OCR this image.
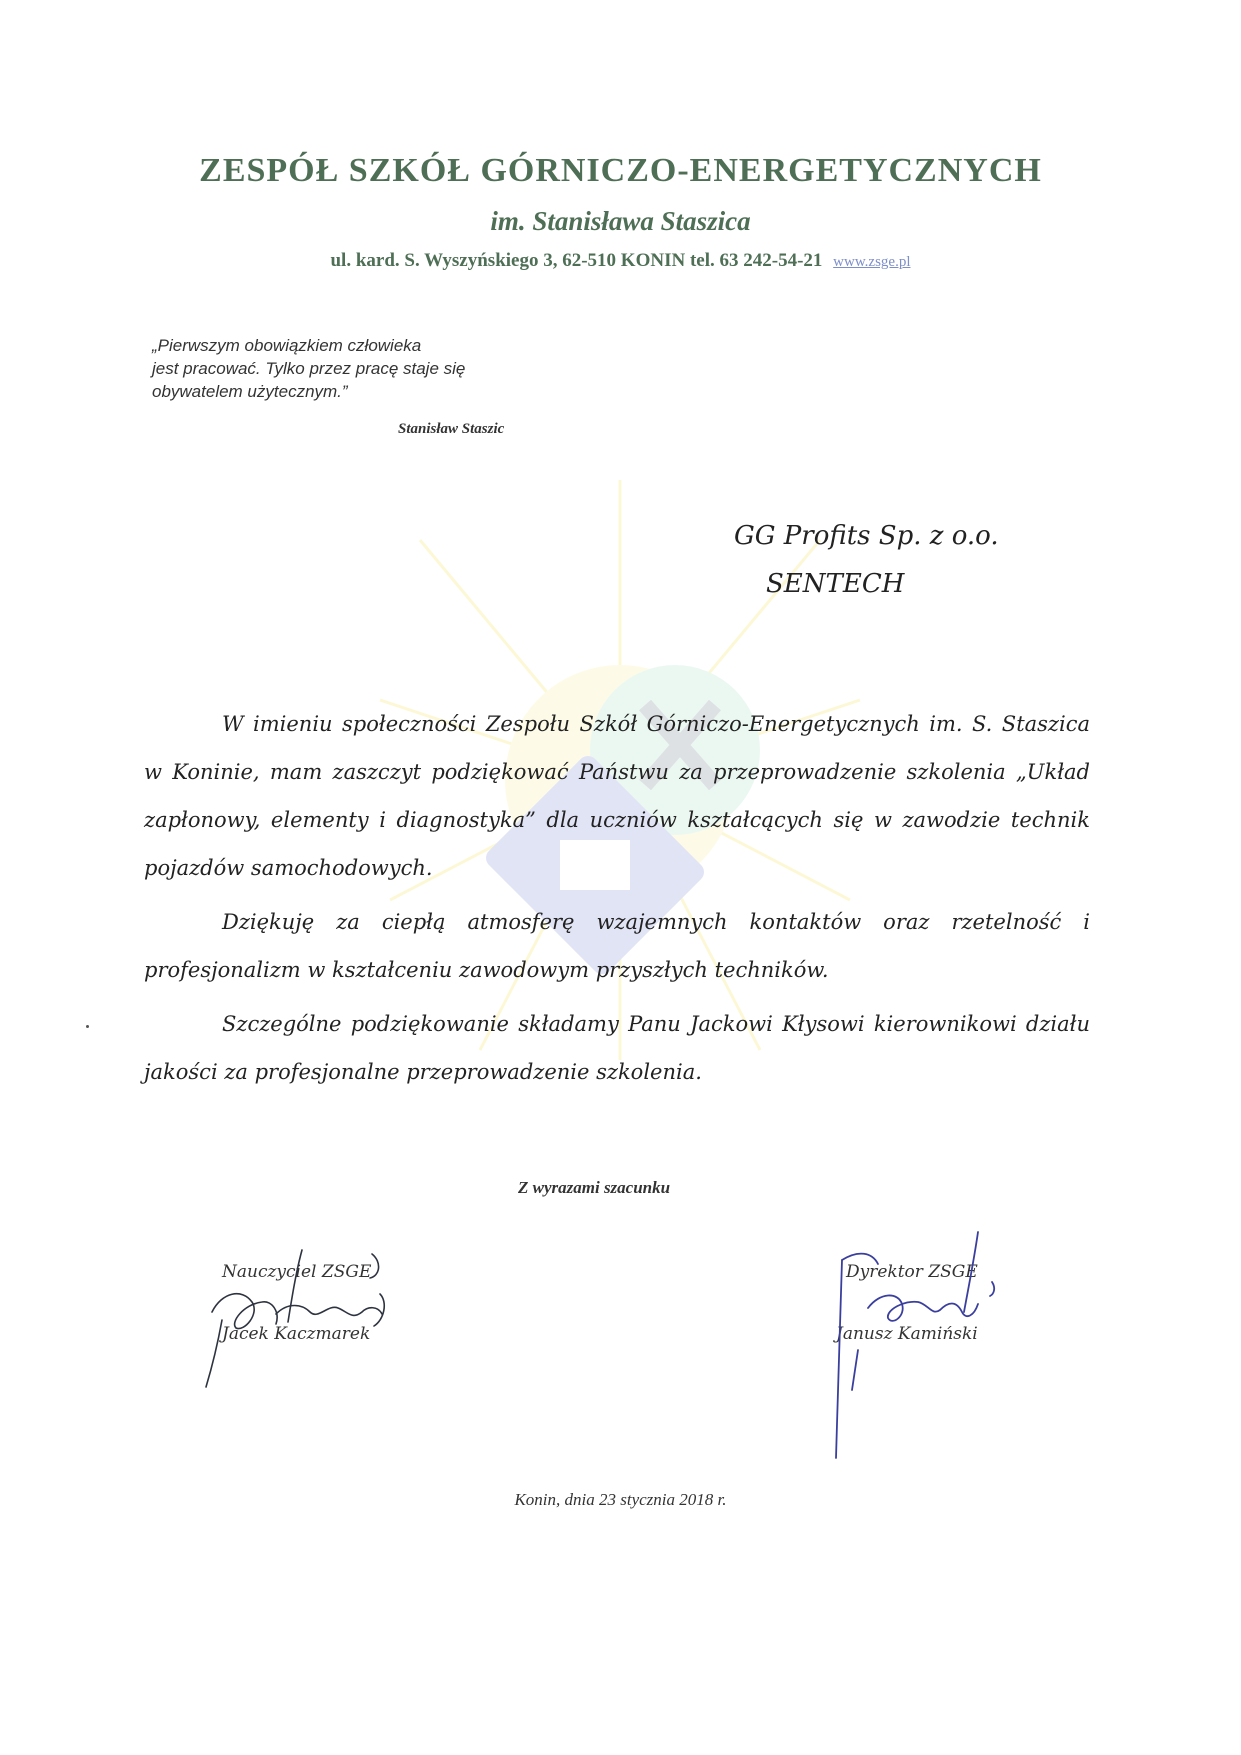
ZESPÓŁ SZKÓŁ GÓRNICZO-ENERGETYCZNYCH
im. Stanisława Staszica
ul. kard. S. Wyszyńskiego 3, 62-510 KONIN tel. 63 242-54-21 www.zsge.pl
„Pierwszym obowiązkiem człowieka
jest pracować. Tylko przez pracę staje się
obywatelem użytecznym.”
Stanisław Staszic
GG Profits Sp. z o.o.
SENTECH

W imieniu społeczności Zespołu Szkół Górniczo-Energetycznych im. S. Staszica w Koninie, mam zaszczyt podziękować Państwu za przeprowadzenie szkolenia „Układ zapłonowy, elementy i diagnostyka” dla uczniów kształcących się w zawodzie technik pojazdów samochodowych.

Dziękuję za ciepłą atmosferę wzajemnych kontaktów oraz rzetelność i profesjonalizm w kształceniu zawodowym przyszłych techników.

Szczególne podziękowanie składamy Panu Jackowi Kłysowi kierownikowi działu jakości za profesjonalne przeprowadzenie szkolenia.

Z wyrazami szacunku
Nauczyciel ZSGE
Jacek Kaczmarek
Dyrektor ZSGE
Janusz Kamiński
Konin, dnia 23 stycznia 2018 r.
